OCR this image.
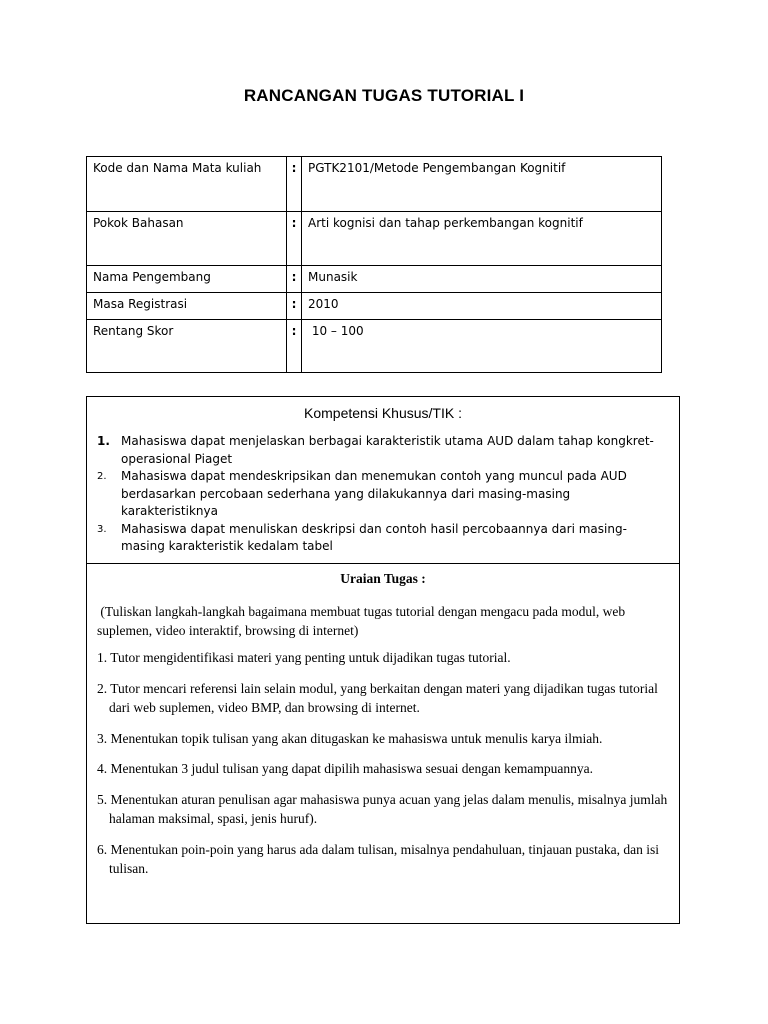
RANCANGAN TUGAS TUTORIAL I
Kode dan Nama Mata kuliah	:	PGTK2101/Metode Pengembangan Kognitif
Pokok Bahasan	:	Arti kognisi dan tahap perkembangan kognitif
Nama Pengembang	:	Munasik
Masa Registrasi	:	2010
Rentang Skor	:	10 – 100
Kompetensi Khusus/TIK :
1. Mahasiswa dapat menjelaskan berbagai karakteristik utama AUD dalam tahap kongkret-operasional Piaget
2. Mahasiswa dapat mendeskripsikan dan menemukan contoh yang muncul pada AUD berdasarkan percobaan sederhana yang dilakukannya dari masing-masing karakteristiknya
3. Mahasiswa dapat menuliskan deskripsi dan contoh hasil percobaannya dari masing-masing karakteristik kedalam tabel
Uraian Tugas :

(Tuliskan langkah-langkah bagaimana membuat tugas tutorial dengan mengacu pada modul, web suplemen, video interaktif, browsing di internet)

1. Tutor mengidentifikasi materi yang penting untuk dijadikan tugas tutorial.

2. Tutor mencari referensi lain selain modul, yang berkaitan dengan materi yang dijadikan tugas tutorial dari web suplemen, video BMP, dan browsing di internet.

3. Menentukan topik tulisan yang akan ditugaskan ke mahasiswa untuk menulis karya ilmiah.

4. Menentukan 3 judul tulisan yang dapat dipilih mahasiswa sesuai dengan kemampuannya.

5. Menentukan aturan penulisan agar mahasiswa punya acuan yang jelas dalam menulis, misalnya jumlah halaman maksimal, spasi, jenis huruf).

6. Menentukan poin-poin yang harus ada dalam tulisan, misalnya pendahuluan, tinjauan pustaka, dan isi tulisan.
